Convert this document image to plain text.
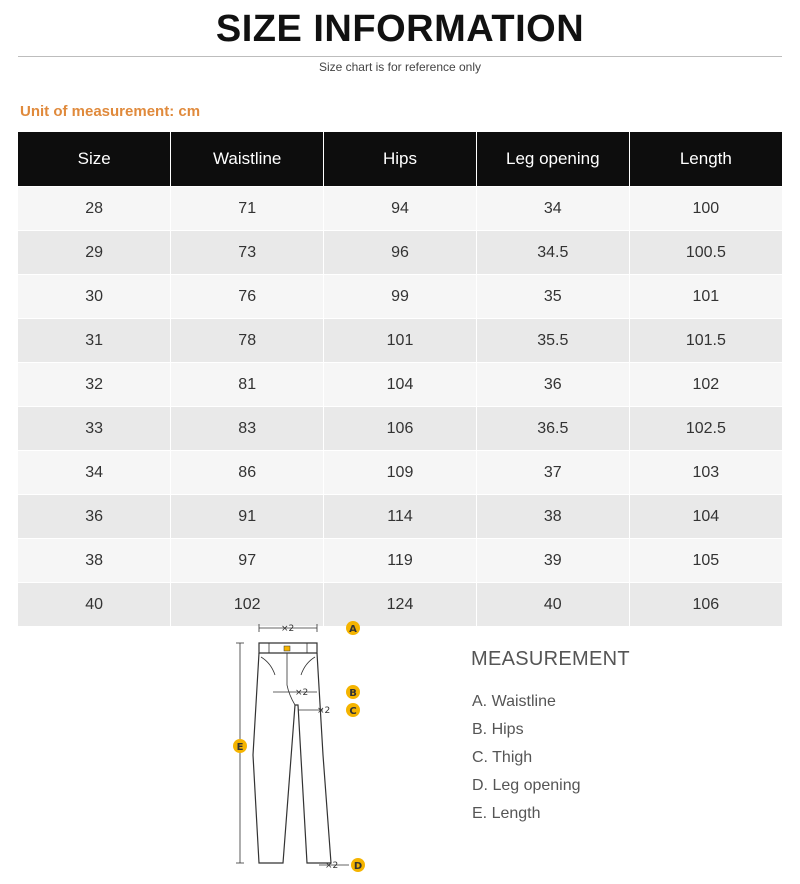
SIZE INFORMATION
Size chart is for reference only
Unit of measurement: cm
Size	Waistline	Hips	Leg opening	Length
28	71	94	34	100
29	73	96	34.5	100.5
30	76	99	35	101
31	78	101	35.5	101.5
32	81	104	36	102
33	83	106	36.5	102.5
34	86	109	37	103
36	91	114	38	104
38	97	119	39	105
40	102	124	40	106
×2
×2
×2
×2
A
B
C
D
E
MEASUREMENT
A. Waistline
B. Hips
C. Thigh
D. Leg opening
E. Length
